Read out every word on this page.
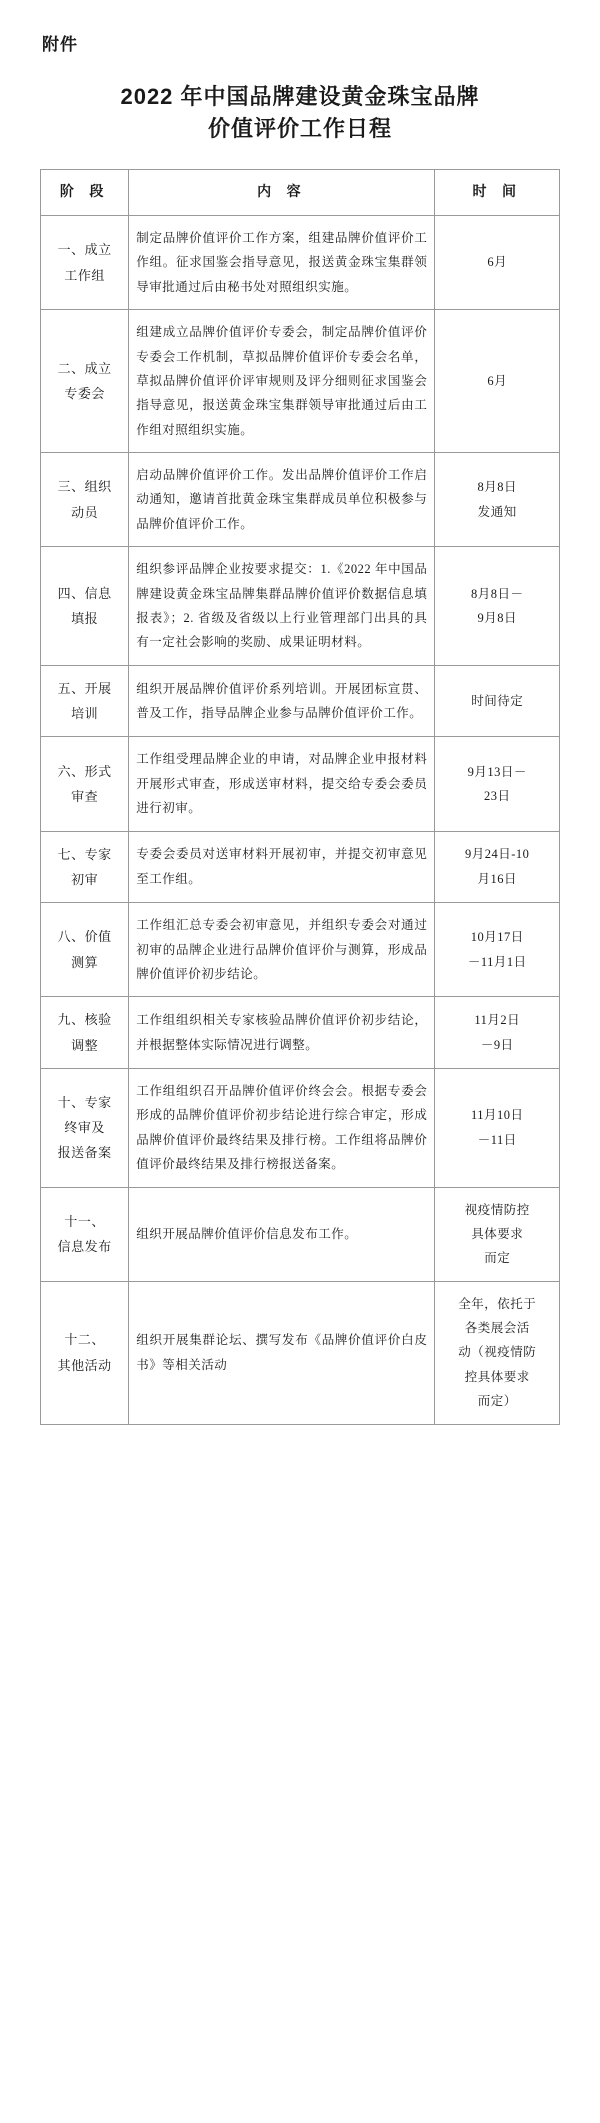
附件
2022 年中国品牌建设黄金珠宝品牌
价值评价工作日程
阶 段	内 容	时 间

一、成立
工作组	制定品牌价值评价工作方案，组建品牌价值评价工作组。征求国鉴会指导意见，报送黄金珠宝集群领导审批通过后由秘书处对照组织实施。	6月

二、成立
专委会	组建成立品牌价值评价专委会，制定品牌价值评价专委会工作机制，草拟品牌价值评价专委会名单，草拟品牌价值评价评审规则及评分细则征求国鉴会指导意见，报送黄金珠宝集群领导审批通过后由工作组对照组织实施。	6月

三、组织
动员	启动品牌价值评价工作。发出品牌价值评价工作启动通知，邀请首批黄金珠宝集群成员单位积极参与品牌价值评价工作。	8月8日
发通知

四、信息
填报	组织参评品牌企业按要求提交：1.《2022 年中国品牌建设黄金珠宝品牌集群品牌价值评价数据信息填报表》；2. 省级及省级以上行业管理部门出具的具有一定社会影响的奖励、成果证明材料。	8月8日－
9月8日

五、开展
培训	组织开展品牌价值评价系列培训。开展团标宣贯、普及工作，指导品牌企业参与品牌价值评价工作。	时间待定

六、形式
审查	工作组受理品牌企业的申请，对品牌企业申报材料开展形式审查，形成送审材料，提交给专委会委员进行初审。	9月13日－
23日

七、专家
初审	专委会委员对送审材料开展初审，并提交初审意见至工作组。	9月24日-10
月16日

八、价值
测算	工作组汇总专委会初审意见，并组织专委会对通过初审的品牌企业进行品牌价值评价与测算，形成品牌价值评价初步结论。	10月17日
－11月1日

九、核验
调整	工作组组织相关专家核验品牌价值评价初步结论， 并根据整体实际情况进行调整。	11月2日
－9日

十、专家
终审及
报送备案	工作组组织召开品牌价值评价终会会。根据专委会形成的品牌价值评价初步结论进行综合审定，形成品牌价值评价最终结果及排行榜。工作组将品牌价值评价最终结果及排行榜报送备案。	11月10日
－11日

十一、
信息发布	组织开展品牌价值评价信息发布工作。	视疫情防控
具体要求
而定

十二、
其他活动	组织开展集群论坛、撰写发布《品牌价值评价白皮书》等相关活动	全年，依托于
各类展会活
动（视疫情防
控具体要求
而定）
